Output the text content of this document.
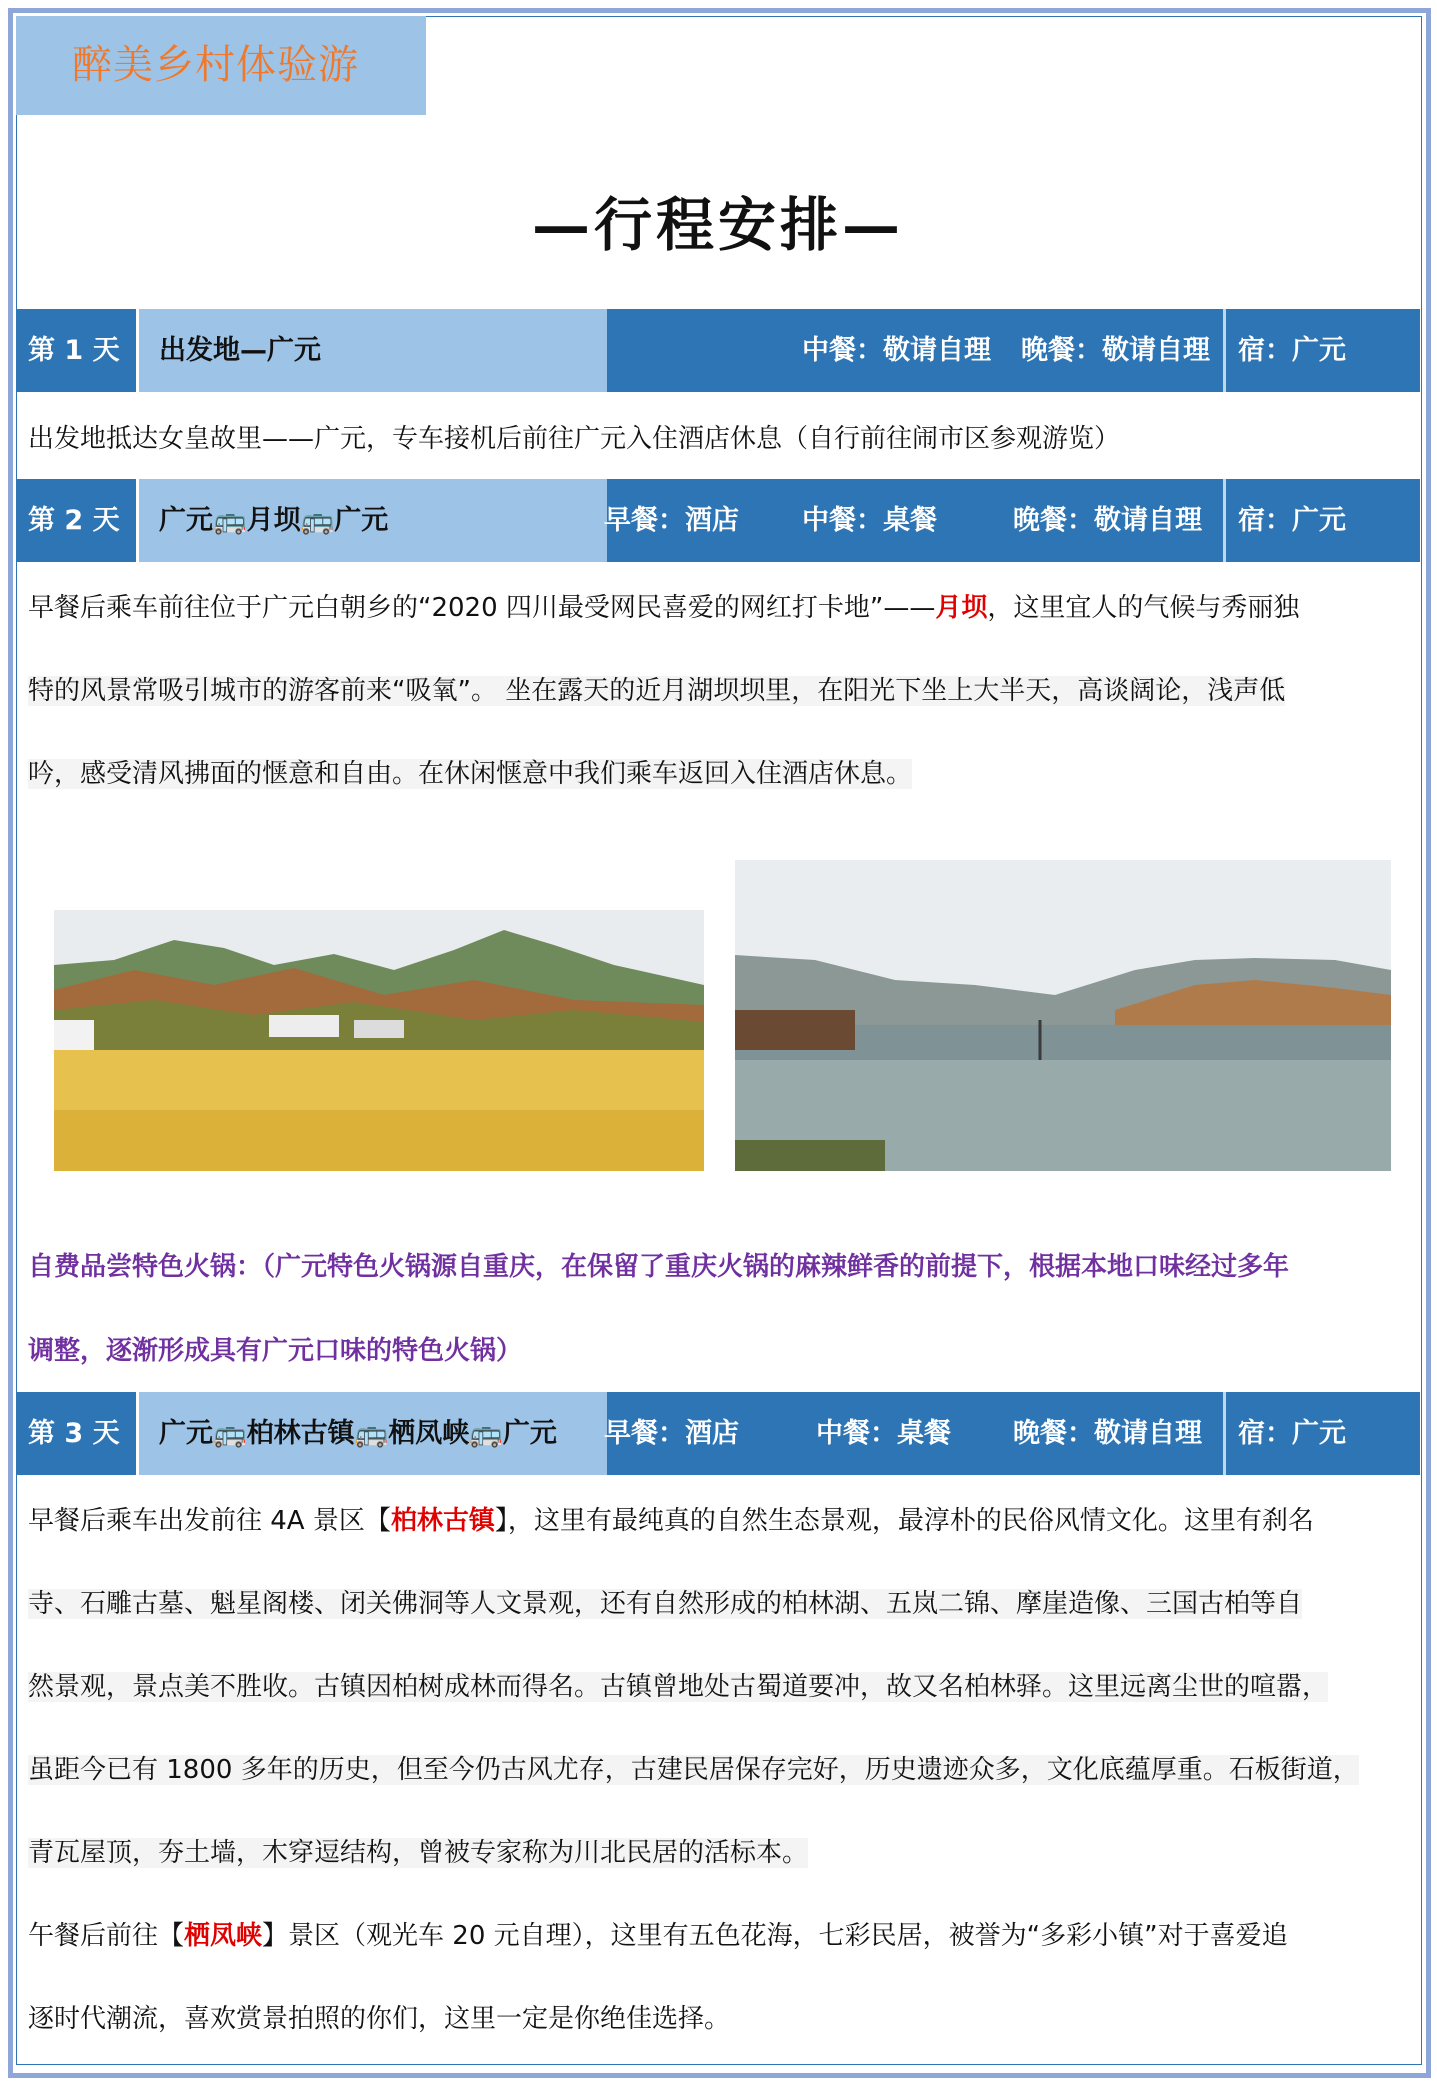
醉美乡村体验游
—行程安排—
第 1 天	出发地—广元	中餐：敬请自理 晚餐：敬请自理 宿：广元
出发地抵达女皇故里——广元，专车接机后前往广元入住酒店休息（自行前往闹市区参观游览）
第 2 天	广元🚌月坝🚌广元	早餐：酒店 中餐：桌餐	晚餐：敬请自理 宿：广元
早餐后乘车前往位于广元白朝乡的“2020 四川最受网民喜爱的网红打卡地”——月坝，这里宜人的气候与秀丽独
特的风景常吸引城市的游客前来“吸氧”。 坐在露天的近月湖坝坝里，在阳光下坐上大半天，高谈阔论，浅声低
吟，感受清风拂面的惬意和自由。在休闲惬意中我们乘车返回入住酒店休息。
自费品尝特色火锅：（广元特色火锅源自重庆，在保留了重庆火锅的麻辣鲜香的前提下，根据本地口味经过多年
调整，逐渐形成具有广元口味的特色火锅）
第 3 天	广元🚌柏林古镇🚌栖凤峡🚌广元	早餐：酒店	中餐：桌餐 晚餐：敬请自理 宿：广元
早餐后乘车出发前往 4A 景区【柏林古镇】，这里有最纯真的自然生态景观，最淳朴的民俗风情文化。这里有刹名
寺、石雕古墓、魁星阁楼、闭关佛洞等人文景观，还有自然形成的柏林湖、五岚二锦、摩崖造像、三国古柏等自
然景观，景点美不胜收。古镇因柏树成林而得名。古镇曾地处古蜀道要冲，故又名柏林驿。这里远离尘世的喧嚣，
虽距今已有 1800 多年的历史，但至今仍古风尤存，古建民居保存完好，历史遗迹众多，文化底蕴厚重。石板街道，
青瓦屋顶，夯土墙，木穿逗结构，曾被专家称为川北民居的活标本。
午餐后前往【栖凤峡】景区（观光车 20 元自理），这里有五色花海，七彩民居，被誉为“多彩小镇”对于喜爱追
逐时代潮流，喜欢赏景拍照的你们，这里一定是你绝佳选择。
